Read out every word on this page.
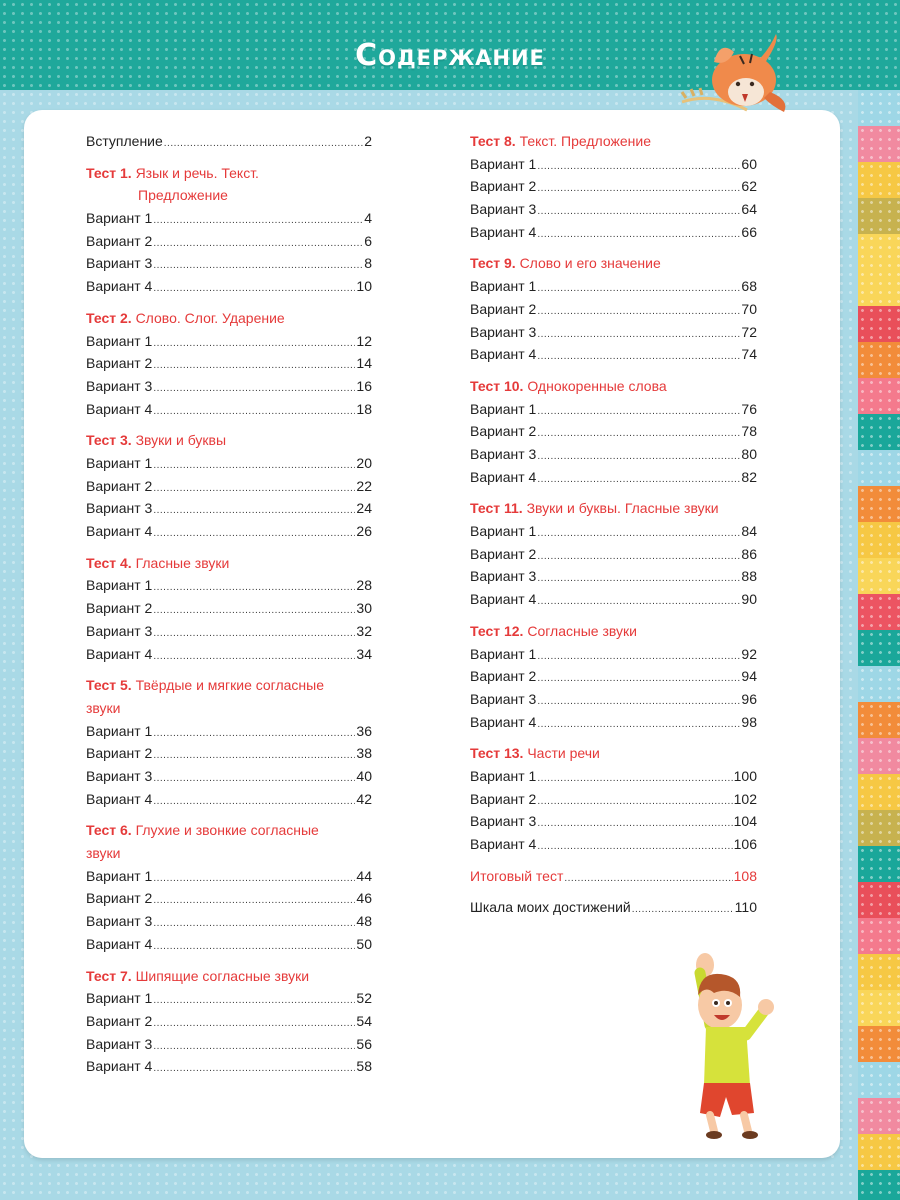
Содержание
Вступление .....	2
Тест 1. Язык и речь. Текст.
Предложение
Вариант 1 .....	4
Вариант 2 .....	6
Вариант 3 .....	8
Вариант 4 .....	10
Тест 2. Слово. Слог. Ударение
Вариант 1 .....	12
Вариант 2 .....	14
Вариант 3 .....	16
Вариант 4 .....	18
Тест 3. Звуки и буквы
Вариант 1 .....	20
Вариант 2 .....	22
Вариант 3 .....	24
Вариант 4 .....	26
Тест 4. Гласные звуки
Вариант 1 .....	28
Вариант 2 .....	30
Вариант 3 .....	32
Вариант 4 .....	34
Тест 5. Твёрдые и мягкие согласные
звуки
Вариант 1 .....	36
Вариант 2 .....	38
Вариант 3 .....	40
Вариант 4 .....	42
Тест 6. Глухие и звонкие согласные
звуки
Вариант 1 .....	44
Вариант 2 .....	46
Вариант 3 .....	48
Вариант 4 .....	50
Тест 7. Шипящие согласные звуки
Вариант 1 .....	52
Вариант 2 .....	54
Вариант 3 .....	56
Вариант 4 .....	58
Тест 8. Текст. Предложение
Вариант 1 .....	60
Вариант 2 .....	62
Вариант 3 .....	64
Вариант 4 .....	66
Тест 9. Слово и его значение
Вариант 1 .....	68
Вариант 2 .....	70
Вариант 3 .....	72
Вариант 4 .....	74
Тест 10. Однокоренные слова
Вариант 1 .....	76
Вариант 2 .....	78
Вариант 3 .....	80
Вариант 4 .....	82
Тест 11. Звуки и буквы. Гласные звуки
Вариант 1 .....	84
Вариант 2 .....	86
Вариант 3 .....	88
Вариант 4 .....	90
Тест 12. Согласные звуки
Вариант 1 .....	92
Вариант 2 .....	94
Вариант 3 .....	96
Вариант 4 .....	98
Тест 13. Части речи
Вариант 1 .....	100
Вариант 2 .....	102
Вариант 3 .....	104
Вариант 4 .....	106
Итоговый тест .....	108
Шкала моих достижений .....	110
